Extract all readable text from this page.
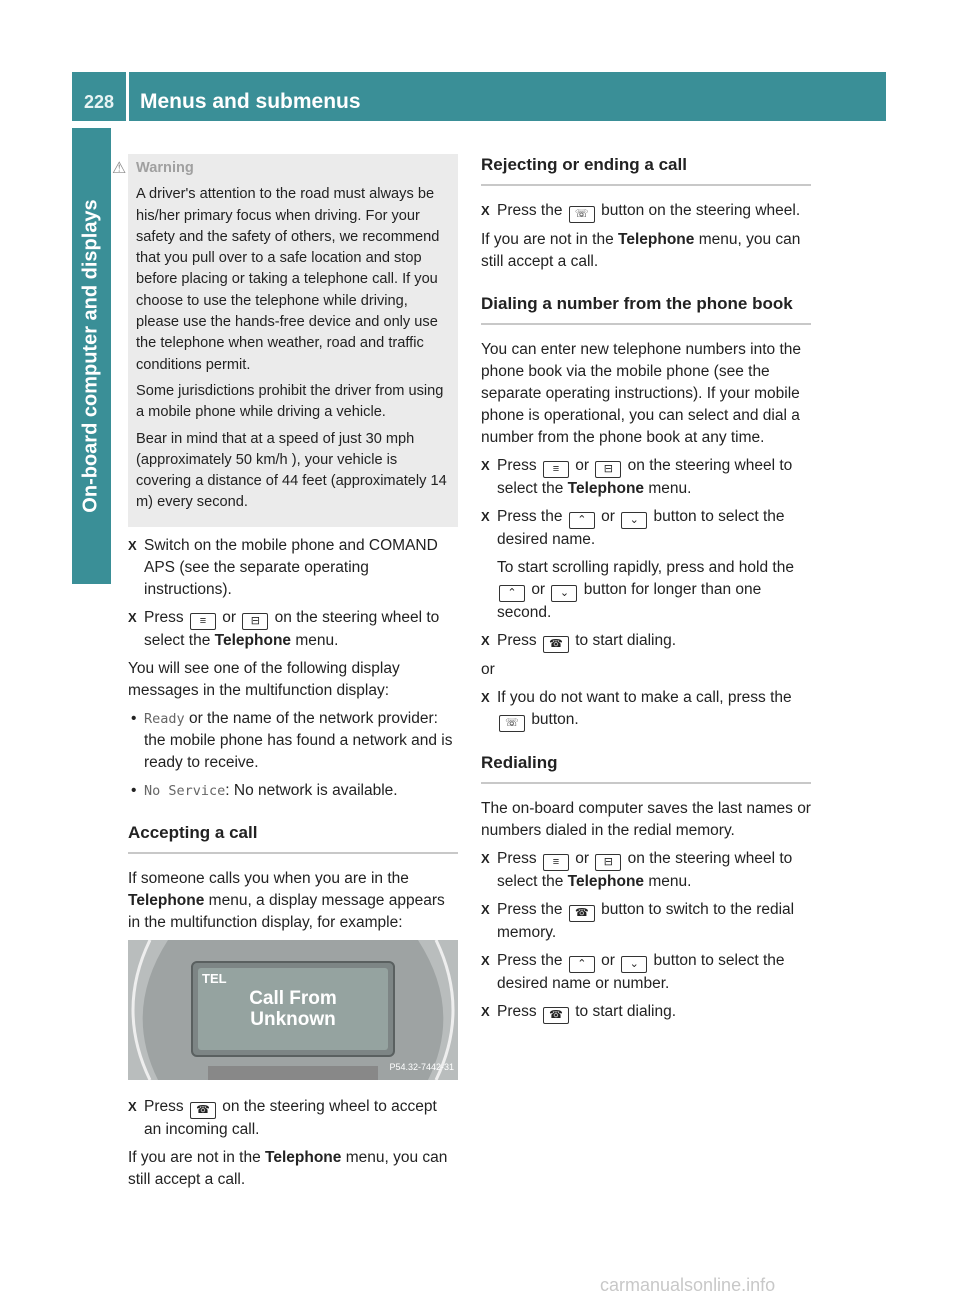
228 Menus and submenus
On-board computer and displays

⚠ Warning

A driver's attention to the road must always be his/her primary focus when driving. For your safety and the safety of others, we recommend that you pull over to a safe location and stop before placing or taking a telephone call. If you choose to use the telephone while driving, please use the hands-free device and only use the telephone when weather, road and traffic conditions permit.

Some jurisdictions prohibit the driver from using a mobile phone while driving a vehicle.

Bear in mind that at a speed of just 30 mph (approximately 50 km/h ), your vehicle is covering a distance of 44 feet (approximately 14 m) every second.

X Switch on the mobile phone and COMAND APS (see the separate operating instructions).

X Press ≡ or ⊟ on the steering wheel to select the Telephone menu.

You will see one of the following display messages in the multifunction display:

• Ready or the name of the network provider: the mobile phone has found a network and is ready to receive.

• No Service: No network is available.

Accepting a call

If someone calls you when you are in the Telephone menu, a display message appears in the multifunction display, for example:

TEL
Call From
Unknown
P54.32-7442-31

X Press ☎ on the steering wheel to accept an incoming call.

If you are not in the Telephone menu, you can still accept a call.

Rejecting or ending a call

X Press the ☏ button on the steering wheel.

If you are not in the Telephone menu, you can still accept a call.

Dialing a number from the phone book

You can enter new telephone numbers into the phone book via the mobile phone (see the separate operating instructions). If your mobile phone is operational, you can select and dial a number from the phone book at any time.

X Press ≡ or ⊟ on the steering wheel to select the Telephone menu.

X Press the ⌃ or ⌄ button to select the desired name.

To start scrolling rapidly, press and hold the ⌃ or ⌄ button for longer than one second.

X Press ☎ to start dialing.

or

X If you do not want to make a call, press the ☏ button.

Redialing

The on-board computer saves the last names or numbers dialed in the redial memory.

X Press ≡ or ⊟ on the steering wheel to select the Telephone menu.

X Press the ☎ button to switch to the redial memory.

X Press the ⌃ or ⌄ button to select the desired name or number.

X Press ☎ to start dialing.

carmanualsonline.info
